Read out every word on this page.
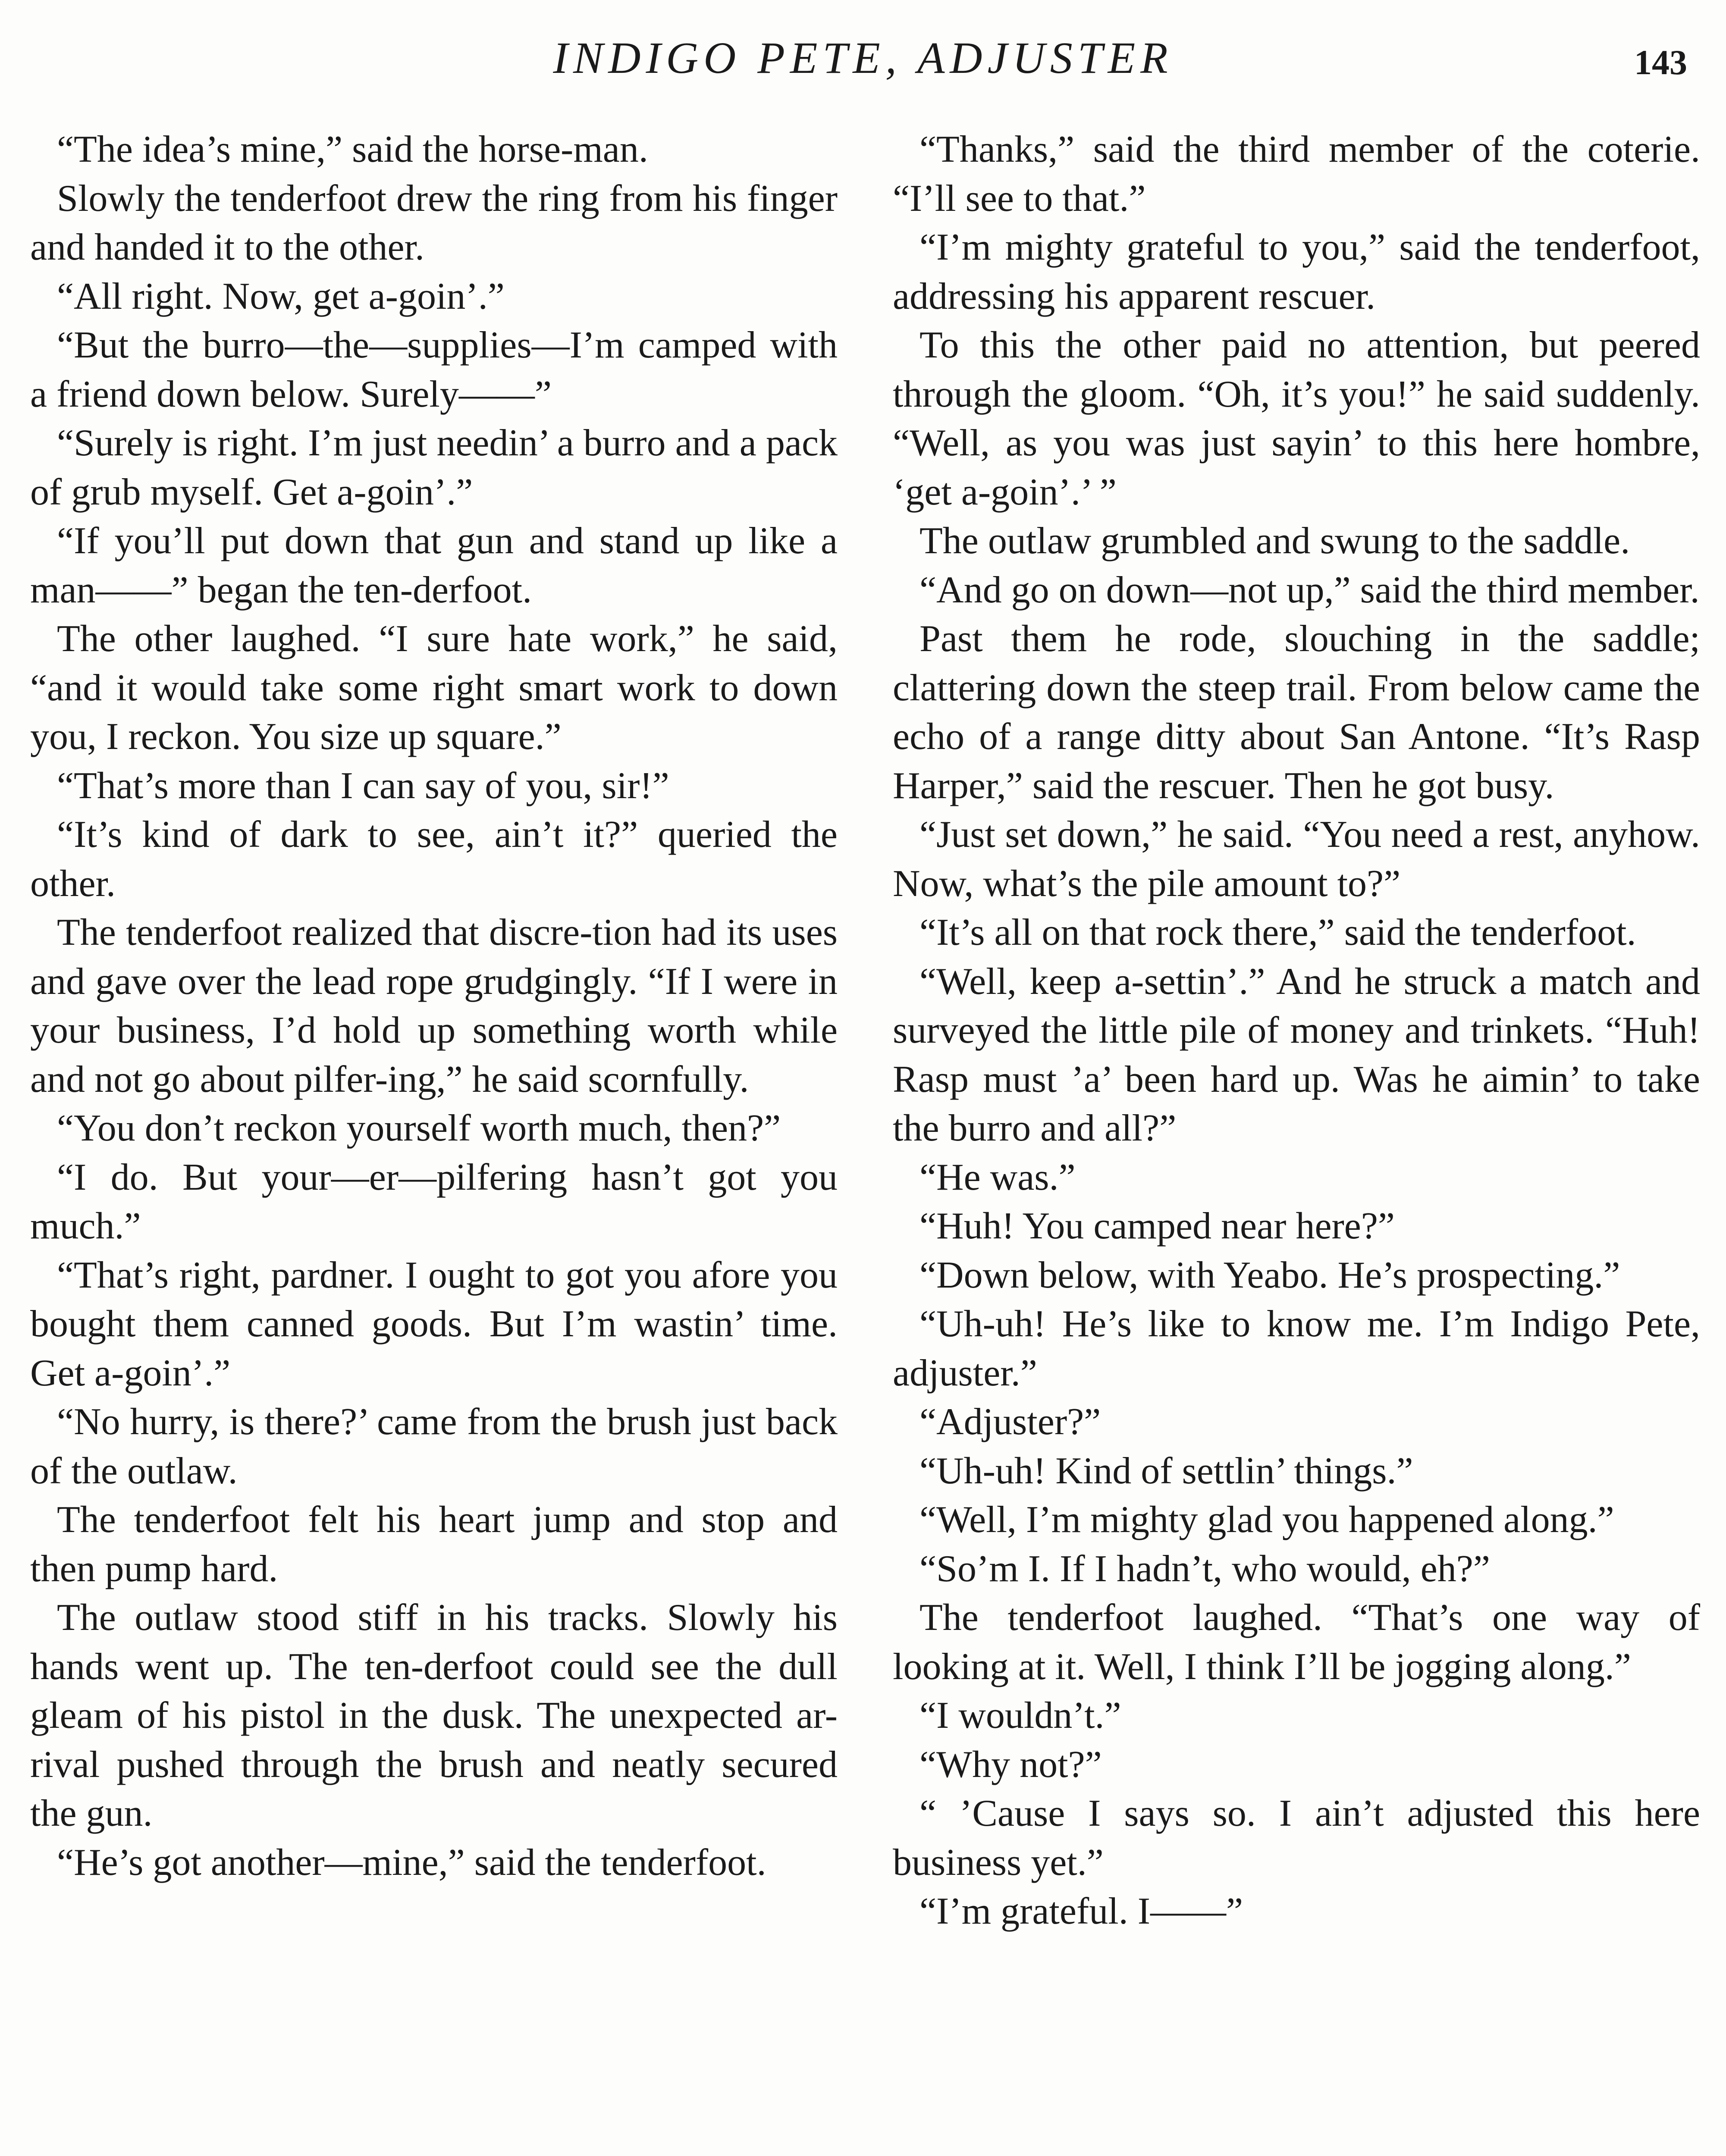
INDIGO PETE, ADJUSTER	143

“The idea’s mine,” said the horse-man.

Slowly the tenderfoot drew the ring from his finger and handed it to the other.

“All right. Now, get a-goin’.”

“But the burro—the—supplies—I’m camped with a friend down below. Surely——”

“Surely is right. I’m just needin’ a burro and a pack of grub myself. Get a-goin’.”

“If you’ll put down that gun and stand up like a man——” began the ten-derfoot.

The other laughed. “I sure hate work,” he said, “and it would take some right smart work to down you, I reckon. You size up square.”

“That’s more than I can say of you, sir!”

“It’s kind of dark to see, ain’t it?” queried the other.

The tenderfoot realized that discre-tion had its uses and gave over the lead rope grudgingly. “If I were in your business, I’d hold up something worth while and not go about pilfer-ing,” he said scornfully.

“You don’t reckon yourself worth much, then?”

“I do. But your—er—pilfering hasn’t got you much.”

“That’s right, pardner. I ought to got you afore you bought them canned goods. But I’m wastin’ time. Get a-goin’.”

“No hurry, is there?’ came from the brush just back of the outlaw.

The tenderfoot felt his heart jump and stop and then pump hard.

The outlaw stood stiff in his tracks. Slowly his hands went up. The ten-derfoot could see the dull gleam of his pistol in the dusk. The unexpected ar-rival pushed through the brush and neatly secured the gun.

“He’s got another—mine,” said the tenderfoot.

“Thanks,” said the third member of the coterie. “I’ll see to that.”

“I’m mighty grateful to you,” said the tenderfoot, addressing his apparent rescuer.

To this the other paid no attention, but peered through the gloom. “Oh, it’s you!” he said suddenly. “Well, as you was just sayin’ to this here hombre, ‘get a-goin’.’ ”

The outlaw grumbled and swung to the saddle.

“And go on down—not up,” said the third member.

Past them he rode, slouching in the saddle; clattering down the steep trail. From below came the echo of a range ditty about San Antone. “It’s Rasp Harper,” said the rescuer. Then he got busy.

“Just set down,” he said. “You need a rest, anyhow. Now, what’s the pile amount to?”

“It’s all on that rock there,” said the tenderfoot.

“Well, keep a-settin’.” And he struck a match and surveyed the little pile of money and trinkets. “Huh! Rasp must ’a’ been hard up. Was he aimin’ to take the burro and all?”

“He was.”

“Huh! You camped near here?”

“Down below, with Yeabo. He’s prospecting.”

“Uh-uh! He’s like to know me. I’m Indigo Pete, adjuster.”

“Adjuster?”

“Uh-uh! Kind of settlin’ things.”

“Well, I’m mighty glad you happened along.”

“So’m I. If I hadn’t, who would, eh?”

The tenderfoot laughed. “That’s one way of looking at it. Well, I think I’ll be jogging along.”

“I wouldn’t.”

“Why not?”

“ ’Cause I says so. I ain’t adjusted this here business yet.”

“I’m grateful. I——”
